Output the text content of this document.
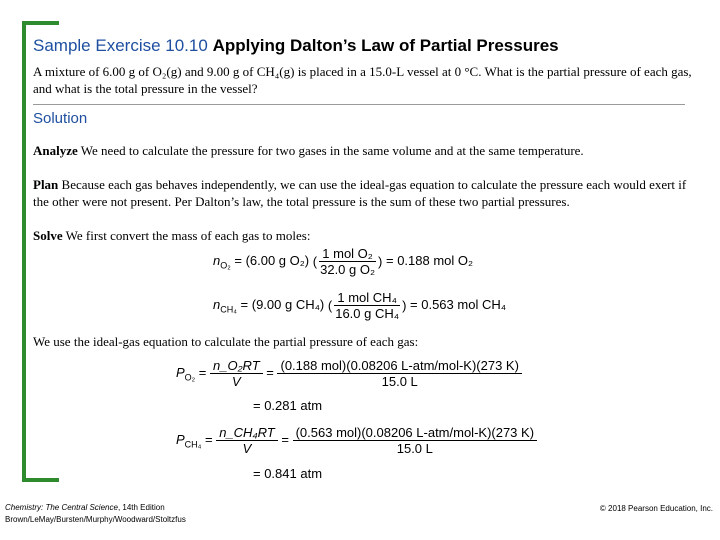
Sample Exercise 10.10 Applying Dalton’s Law of Partial Pressures
A mixture of 6.00 g of O₂(g) and 9.00 g of CH₄(g) is placed in a 15.0-L vessel at 0 °C. What is the partial pressure of each gas, and what is the total pressure in the vessel?
Solution
Analyze We need to calculate the pressure for two gases in the same volume and at the same temperature.
Plan Because each gas behaves independently, we can use the ideal-gas equation to calculate the pressure each would exert if the other were not present. Per Dalton’s law, the total pressure is the sum of these two partial pressures.
Solve We first convert the mass of each gas to moles:
$n_{O_2} = (6.00$ g O₂) ( $\frac{\text{1 mol O₂}}{\text{32.0 g O₂}}$ ) = 0.188 mol O₂
$n_{CH_4} = (9.00$ g CH₄) ( $\frac{\text{1 mol CH₄}}{\text{16.0 g CH₄}}$ ) = 0.563 mol CH₄
We use the ideal-gas equation to calculate the partial pressure of each gas:
$P_{O_2} = \frac{\text{n\_O₂RT}}{V} = \frac{\text{(0.188 mol)(0.08206 L-atm/mol-K)(273 K)}}{15.0 L}$
= 0.281 atm
$P_{CH_4} = \frac{\text{n\_CH₄RT}}{V} = \frac{\text{(0.563 mol)(0.08206 L-atm/mol-K)(273 K)}}{15.0 L}$
= 0.841 atm
Chemistry: The Central Science, 14th Edition
Brown/LeMay/Bursten/Murphy/Woodward/Stoltzfus
© 2018 Pearson Education, Inc.
